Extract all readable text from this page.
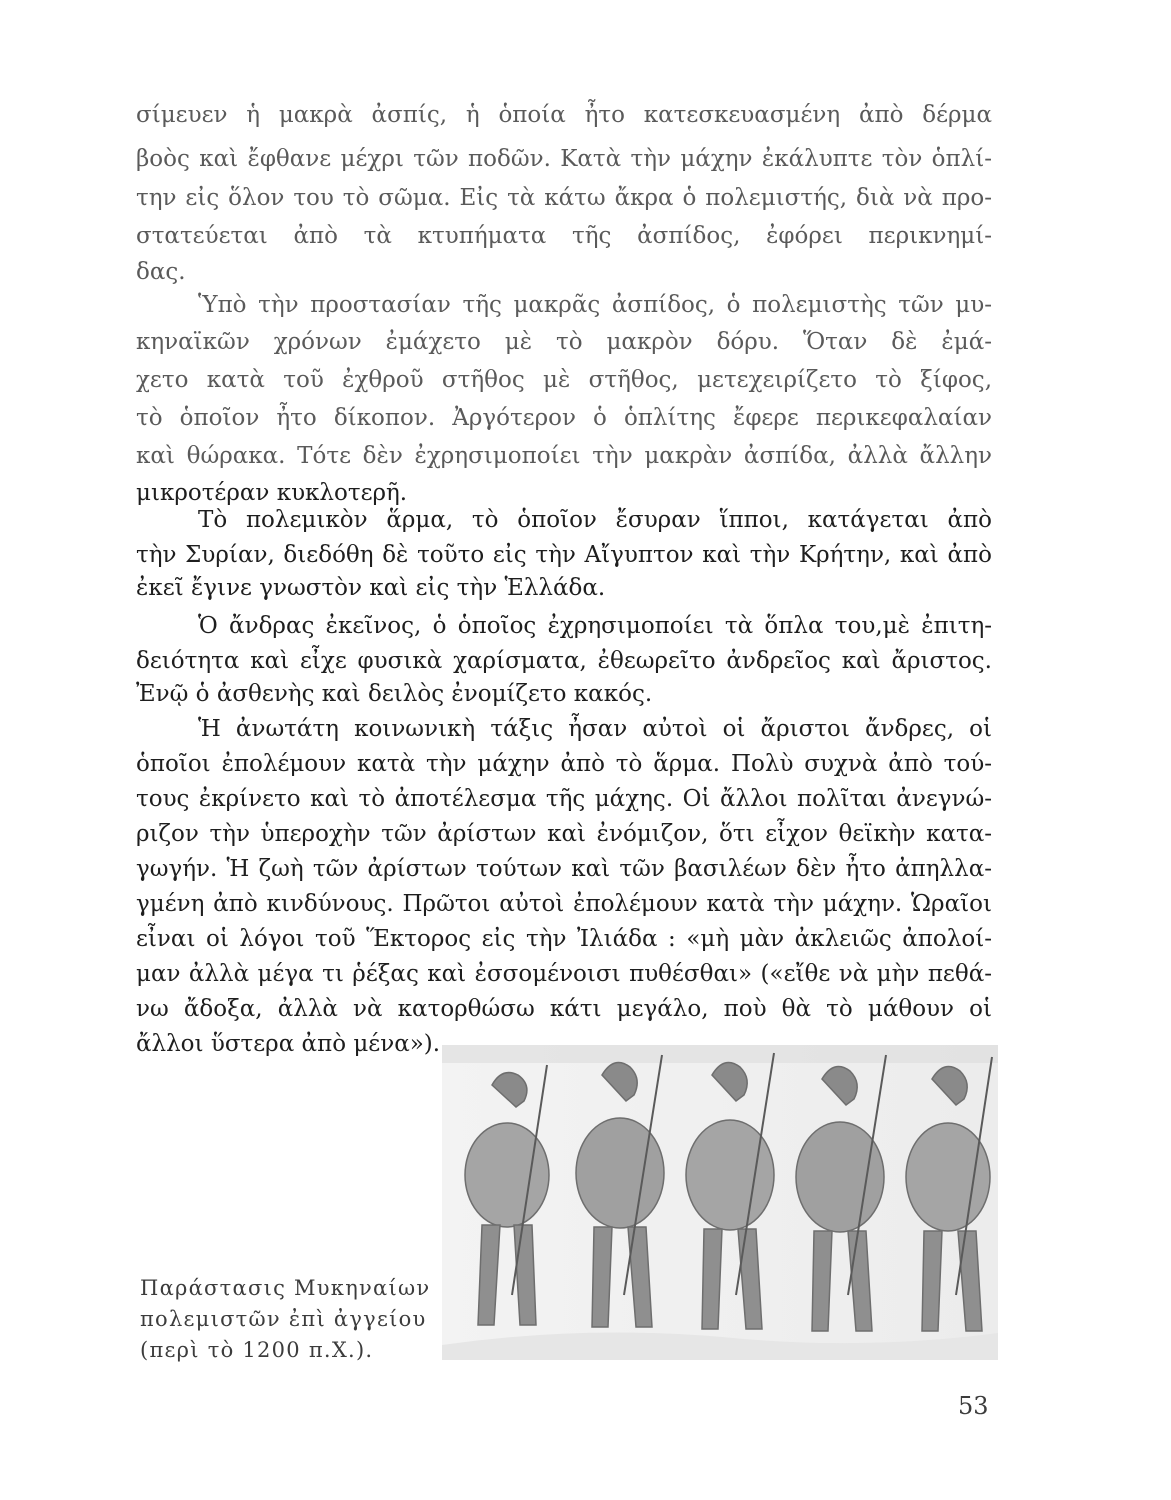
σίμευεν ἡ μακρὰ ἀσπίς, ἡ ὁποία ἦτο κατεσκευασμένη ἀπὸ δέρμα
βοὸς καὶ ἔφθανε μέχρι τῶν ποδῶν. Κατὰ τὴν μάχην ἐκάλυπτε τὸν ὁπλί-
την εἰς ὅλον του τὸ σῶμα. Εἰς τὰ κάτω ἄκρα ὁ πολεμιστής, διὰ νὰ προ-
στατεύεται ἀπὸ τὰ κτυπήματα τῆς ἀσπίδος, ἐφόρει περικνημί-
δας.
Ὑπὸ τὴν προστασίαν τῆς μακρᾶς ἀσπίδος, ὁ πολεμιστὴς τῶν μυ-
κηναϊκῶν χρόνων ἐμάχετο μὲ τὸ μακρὸν δόρυ. Ὅταν δὲ ἐμά-
χετο κατὰ τοῦ ἐχθροῦ στῆθος μὲ στῆθος, μετεχειρίζετο τὸ ξίφος,
τὸ ὁποῖον ἦτο δίκοπον. Ἀργότερον ὁ ὁπλίτης ἔφερε περικεφαλαίαν
καὶ θώρακα. Τότε δὲν ἐχρησιμοποίει τὴν μακρὰν ἀσπίδα, ἀλλὰ ἄλλην
μικροτέραν κυκλοτερῆ.
Τὸ πολεμικὸν ἅρμα, τὸ ὁποῖον ἔσυραν ἵπποι, κατάγεται ἀπὸ
τὴν Συρίαν, διεδόθη δὲ τοῦτο εἰς τὴν Αἴγυπτον καὶ τὴν Κρήτην, καὶ ἀπὸ
ἐκεῖ ἔγινε γνωστὸν καὶ εἰς τὴν Ἑλλάδα.
Ὁ ἄνδρας ἐκεῖνος, ὁ ὁποῖος ἐχρησιμοποίει τὰ ὅπλα του,μὲ ἐπιτη-
δειότητα καὶ εἶχε φυσικὰ χαρίσματα, ἐθεωρεῖτο ἀνδρεῖος καὶ ἄριστος.
Ἐνῷ ὁ ἀσθενὴς καὶ δειλὸς ἐνομίζετο κακός.
Ἡ ἀνωτάτη κοινωνικὴ τάξις ἦσαν αὐτοὶ οἱ ἄριστοι ἄνδρες, οἱ
ὁποῖοι ἐπολέμουν κατὰ τὴν μάχην ἀπὸ τὸ ἅρμα. Πολὺ συχνὰ ἀπὸ τού-
τους ἐκρίνετο καὶ τὸ ἀποτέλεσμα τῆς μάχης. Οἱ ἄλλοι πολῖται ἀνεγνώ-
ριζον τὴν ὑπεροχὴν τῶν ἀρίστων καὶ ἐνόμιζον, ὅτι εἶχον θεϊκὴν κατα-
γωγήν. Ἡ ζωὴ τῶν ἀρίστων τούτων καὶ τῶν βασιλέων δὲν ἦτο ἀπηλλα-
γμένη ἀπὸ κινδύνους. Πρῶτοι αὐτοὶ ἐπολέμουν κατὰ τὴν μάχην. Ὡραῖοι
εἶναι οἱ λόγοι τοῦ Ἕκτορος εἰς τὴν Ἰλιάδα : «μὴ μὰν ἀκλειῶς ἀπολοί-
μαν ἀλλὰ μέγα τι ῥέξας καὶ ἐσσομένοισι πυθέσθαι» («εἴθε νὰ μὴν πεθά-
νω ἄδοξα, ἀλλὰ νὰ κατορθώσω κάτι μεγάλο, ποὺ θὰ τὸ μάθουν οἱ
ἄλλοι ὕστερα ἀπὸ μένα»).
Παράστασις Μυκηναίων
πολεμιστῶν ἐπὶ ἀγγείου
(περὶ τὸ 1200 π.Χ.).
53
